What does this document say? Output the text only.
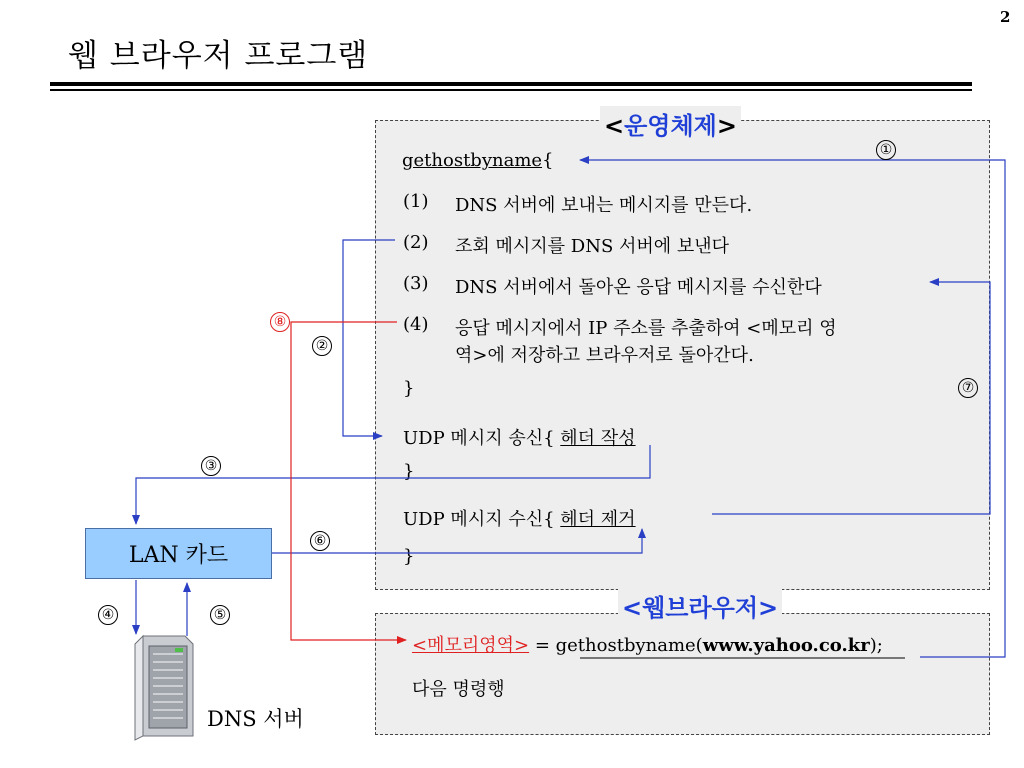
2
웹 브라우저 프로그램
<운영체제>
gethostbyname{
(1)	DNS 서버에 보내는 메시지를 만든다.
(2)	조회 메시지를 DNS 서버에 보낸다
(3)	DNS 서버에서 돌아온 응답 메시지를 수신한다
(4)	응답 메시지에서 IP 주소를 추출하여 <메모리 영
역>에 저장하고 브라우저로 돌아간다.
}
UDP 메시지 송신{ 헤더 작성
}
UDP 메시지 수신{ 헤더 제거
}
<웹브라우저>
<메모리영역> = gethostbyname(www.yahoo.co.kr);
다음 명령행
LAN 카드
DNS 서버
①
②
③
④	⑤
⑥
⑦
⑧
